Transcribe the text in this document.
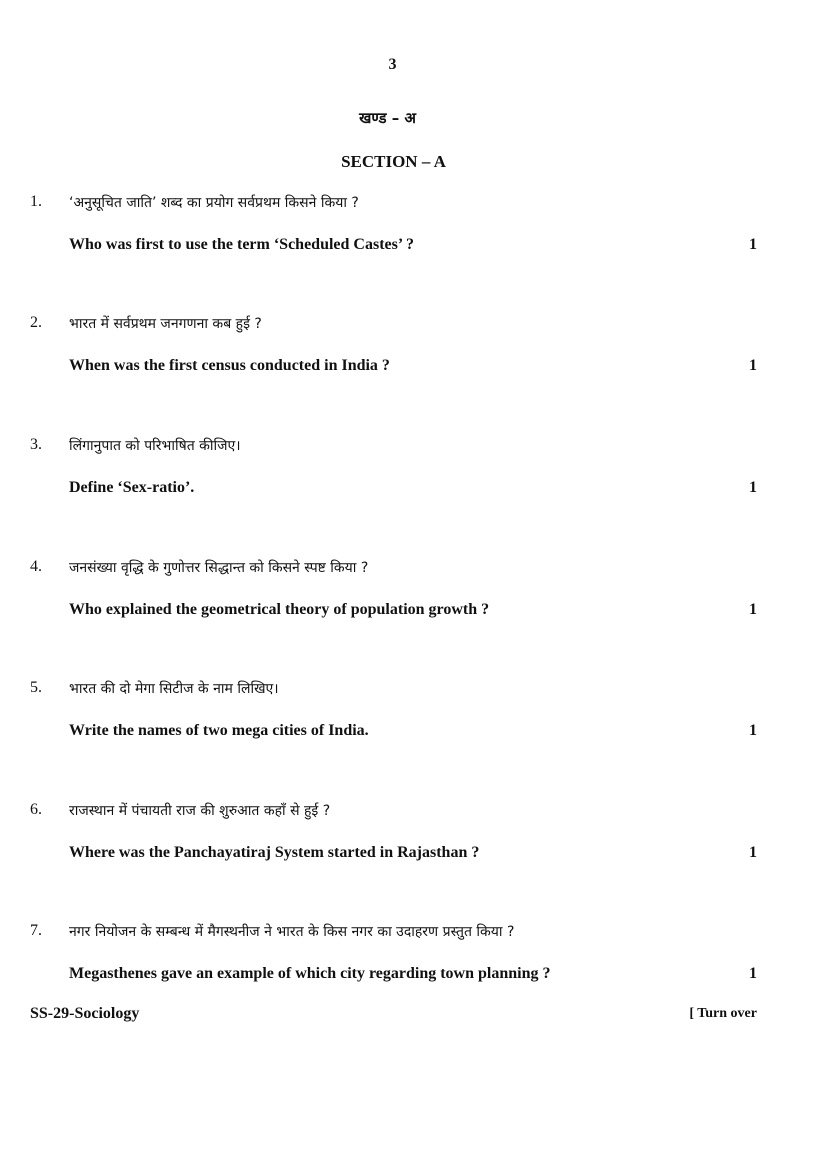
3
खण्ड – अ
SECTION – A
1. ‘अनुसूचित जाति’ शब्द का प्रयोग सर्वप्रथम किसने किया ?
Who was first to use the term ‘Scheduled Castes’ ?	1
2. भारत में सर्वप्रथम जनगणना कब हुई ?
When was the first census conducted in India ?	1
3. लिंगानुपात को परिभाषित कीजिए।
Define ‘Sex-ratio’.	1
4. जनसंख्या वृद्धि के गुणोत्तर सिद्धान्त को किसने स्पष्ट किया ?
Who explained the geometrical theory of population growth ?	1
5. भारत की दो मेगा सिटीज के नाम लिखिए।
Write the names of two mega cities of India.	1
6. राजस्थान में पंचायती राज की शुरुआत कहाँ से हुई ?
Where was the Panchayatiraj System started in Rajasthan ?	1
7. नगर नियोजन के सम्बन्ध में मैगस्थनीज ने भारत के किस नगर का उदाहरण प्रस्तुत किया ?
Megasthenes gave an example of which city regarding town planning ?	1
SS-29-Sociology	[ Turn over
